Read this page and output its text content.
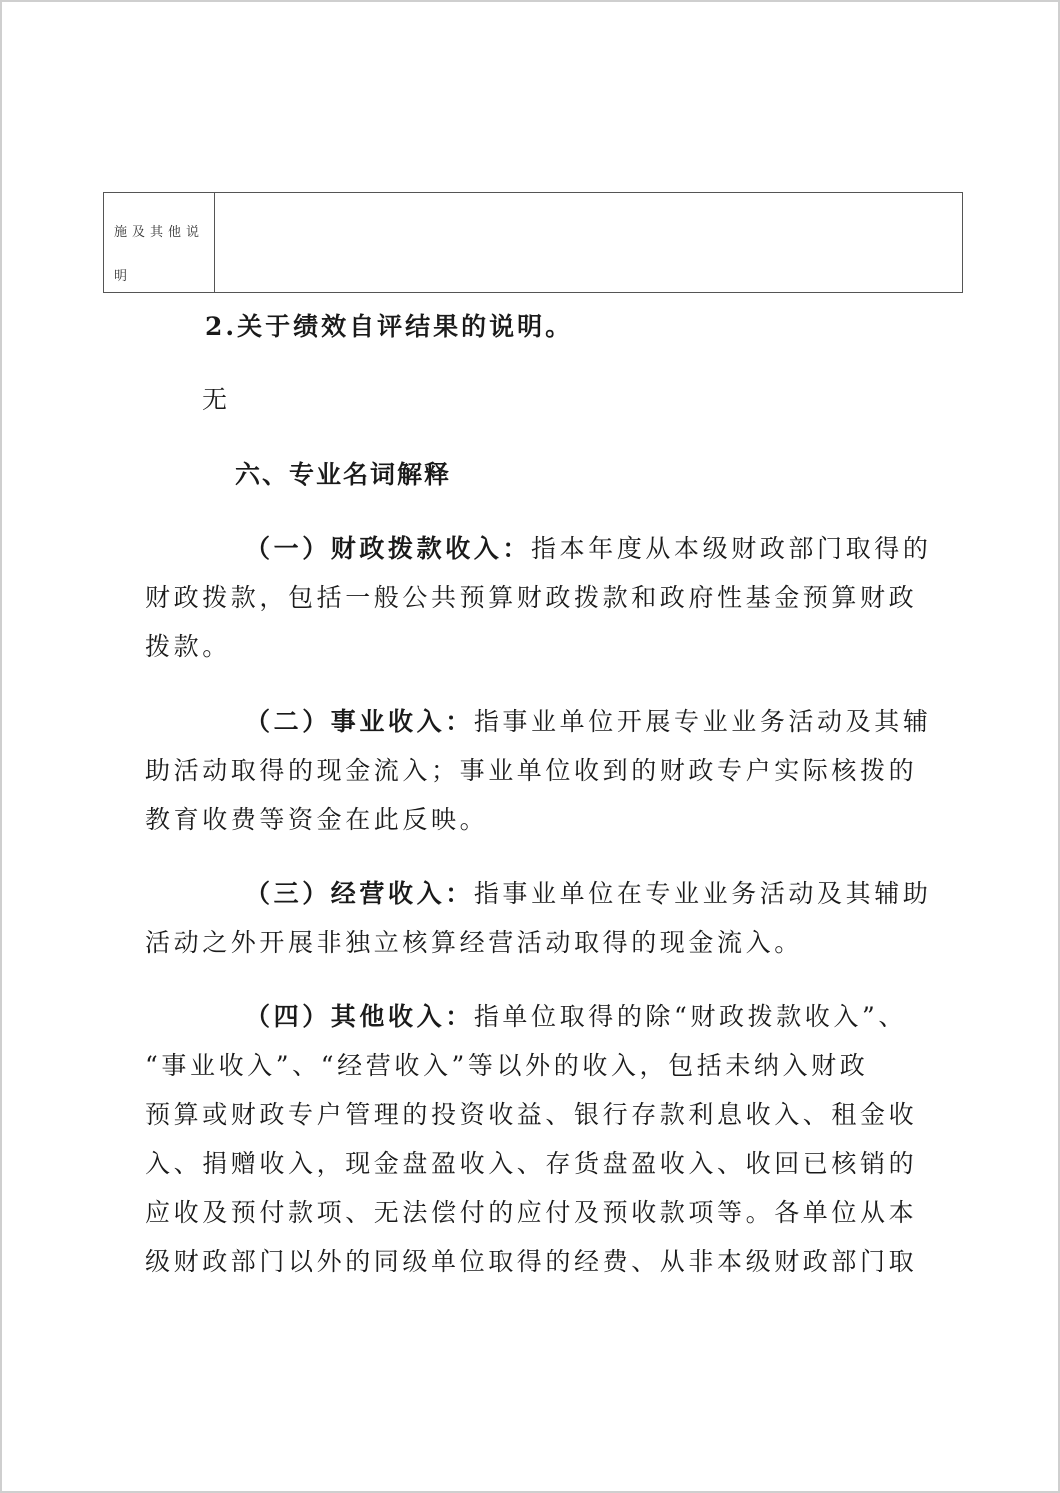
施及其他说明
2.关于绩效自评结果的说明。
无
六、专业名词解释
（一）财政拨款收入：指本年度从本级财政部门取得的
财政拨款，包括一般公共预算财政拨款和政府性基金预算财政
拨款。
（二）事业收入：指事业单位开展专业业务活动及其辅
助活动取得的现金流入；事业单位收到的财政专户实际核拨的
教育收费等资金在此反映。
（三）经营收入：指事业单位在专业业务活动及其辅助
活动之外开展非独立核算经营活动取得的现金流入。
（四）其他收入：指单位取得的除“财政拨款收入”、
“事业收入”、“经营收入”等以外的收入，包括未纳入财政
预算或财政专户管理的投资收益、银行存款利息收入、租金收
入、捐赠收入，现金盘盈收入、存货盘盈收入、收回已核销的
应收及预付款项、无法偿付的应付及预收款项等。各单位从本
级财政部门以外的同级单位取得的经费、从非本级财政部门取
